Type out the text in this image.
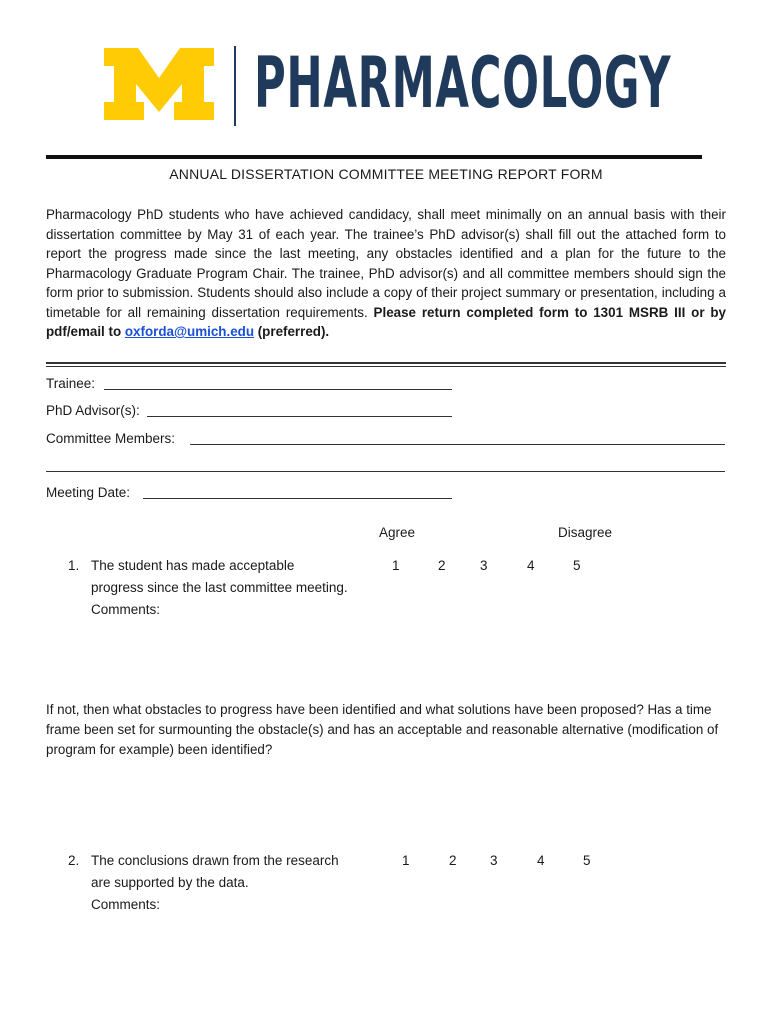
PHARMACOLOGY
ANNUAL DISSERTATION COMMITTEE MEETING REPORT FORM
Pharmacology PhD students who have achieved candidacy, shall meet minimally on an annual basis with their dissertation committee by May 31 of each year. The trainee’s PhD advisor(s) shall fill out the attached form to report the progress made since the last meeting, any obstacles identified and a plan for the future to the Pharmacology Graduate Program Chair. The trainee, PhD advisor(s) and all committee members should sign the form prior to submission. Students should also include a copy of their project summary or presentation, including a timetable for all remaining dissertation requirements. Please return completed form to 1301 MSRB III or by pdf/email to oxforda@umich.edu (preferred).
Trainee:
PhD Advisor(s):
Committee Members:
Meeting Date:
Agree	Disagree
1. The student has made acceptable
progress since the last committee meeting.
Comments:
1	2	3	4	5
If not, then what obstacles to progress have been identified and what solutions have been proposed? Has a time frame been set for surmounting the obstacle(s) and has an acceptable and reasonable alternative (modification of program for example) been identified?
2. The conclusions drawn from the research
are supported by the data.
Comments:
1	2 3	4	5
